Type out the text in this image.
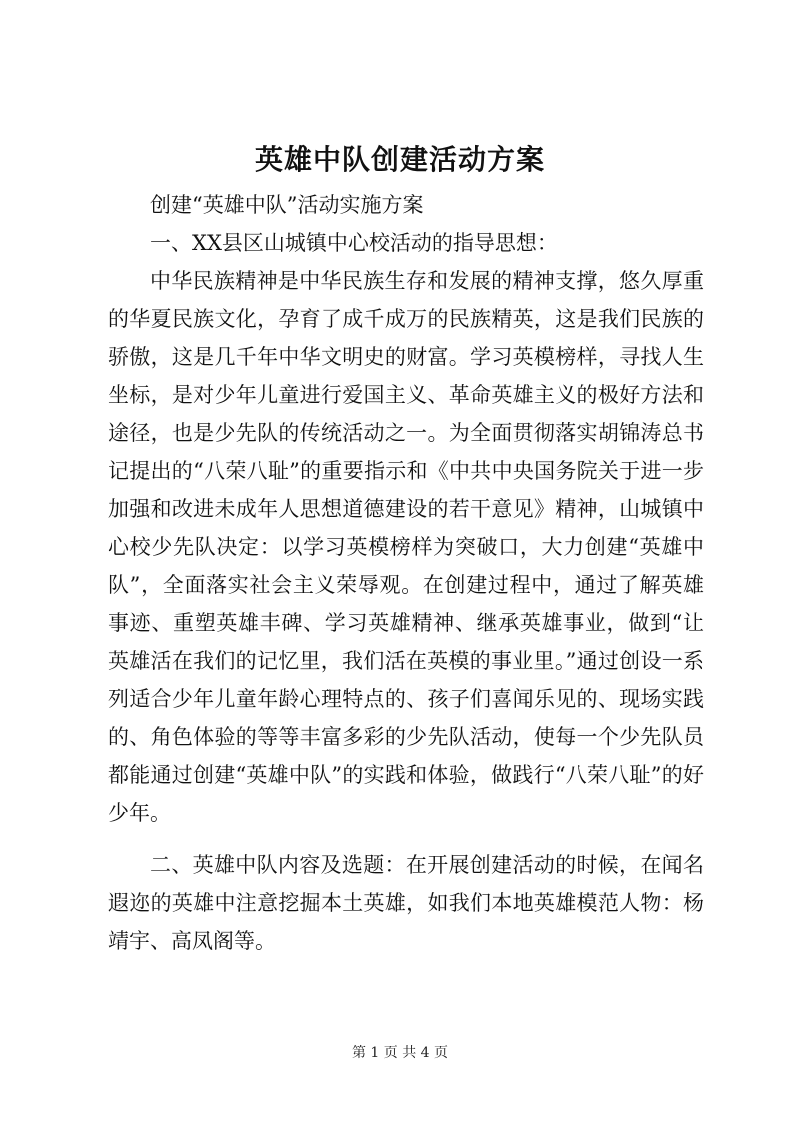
英雄中队创建活动方案

创建“英雄中队”活动实施方案

一、XX县区山城镇中心校活动的指导思想：

中华民族精神是中华民族生存和发展的精神支撑，悠久厚重的华夏民族文化，孕育了成千成万的民族精英，这是我们民族的骄傲，这是几千年中华文明史的财富。学习英模榜样，寻找人生坐标，是对少年儿童进行爱国主义、革命英雄主义的极好方法和途径，也是少先队的传统活动之一。为全面贯彻落实胡锦涛总书记提出的“八荣八耻”的重要指示和《中共中央国务院关于进一步加强和改进未成年人思想道德建设的若干意见》精神，山城镇中心校少先队决定：以学习英模榜样为突破口，大力创建“英雄中队”，全面落实社会主义荣辱观。在创建过程中，通过了解英雄事迹、重塑英雄丰碑、学习英雄精神、继承英雄事业，做到“让英雄活在我们的记忆里，我们活在英模的事业里。”通过创设一系列适合少年儿童年龄心理特点的、孩子们喜闻乐见的、现场实践的、角色体验的等等丰富多彩的少先队活动，使每一个少先队员都能通过创建“英雄中队”的实践和体验，做践行“八荣八耻”的好少年。

二、英雄中队内容及选题：在开展创建活动的时候，在闻名遐迩的英雄中注意挖掘本土英雄，如我们本地英雄模范人物：杨靖宇、高凤阁等。

第 1 页 共 4 页
